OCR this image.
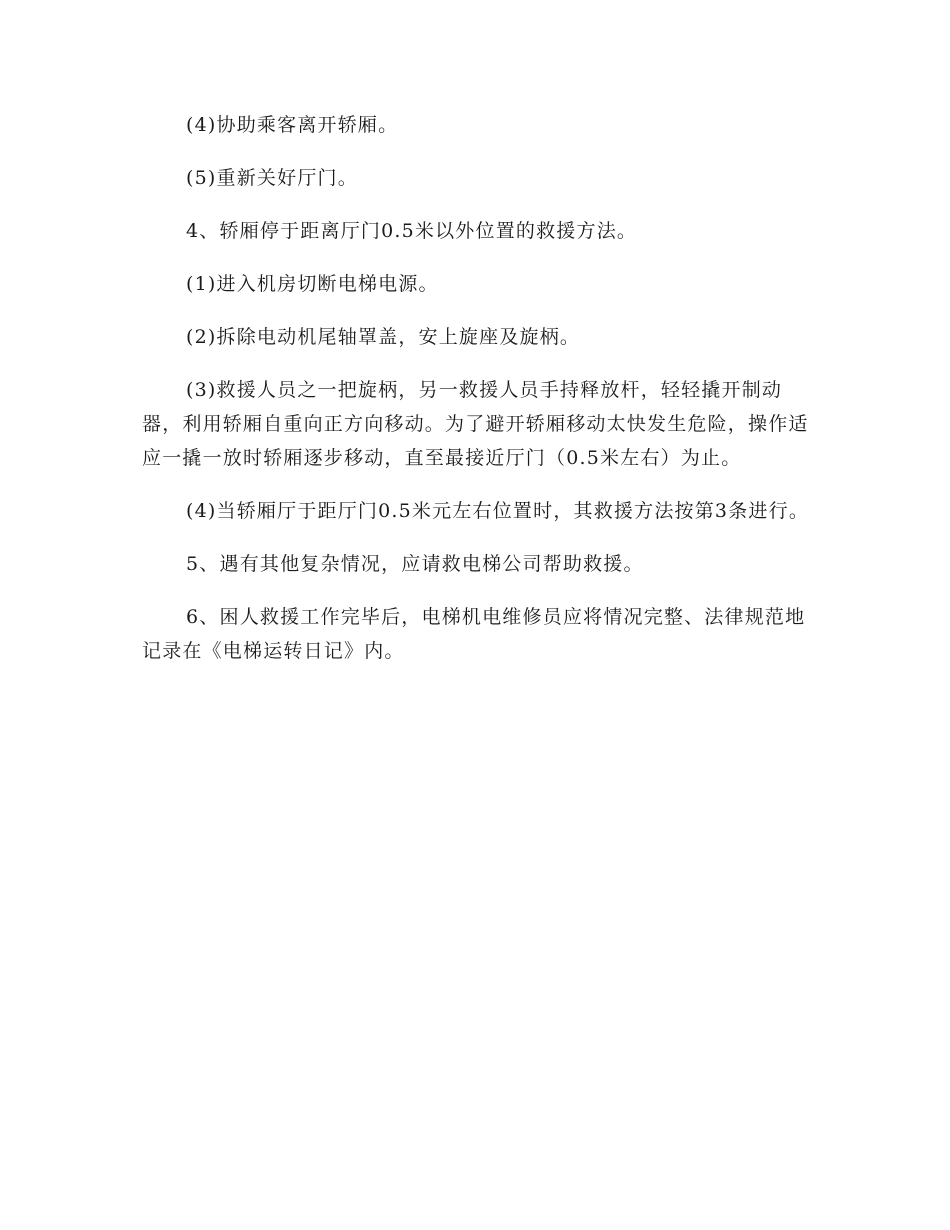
(4)协助乘客离开轿厢。

(5)重新关好厅门。

4、轿厢停于距离厅门0.5米以外位置的救援方法。

(1)进入机房切断电梯电源。

(2)拆除电动机尾轴罩盖，安上旋座及旋柄。

(3)救援人员之一把旋柄，另一救援人员手持释放杆，轻轻撬开制动器，利用轿厢自重向正方向移动。为了避开轿厢移动太快发生危险，操作适应一撬一放时轿厢逐步移动，直至最接近厅门（0.5米左右）为止。

(4)当轿厢厅于距厅门0.5米元左右位置时，其救援方法按第3条进行。

5、遇有其他复杂情况，应请救电梯公司帮助救援。

6、困人救援工作完毕后，电梯机电维修员应将情况完整、法律规范地记录在《电梯运转日记》内。
